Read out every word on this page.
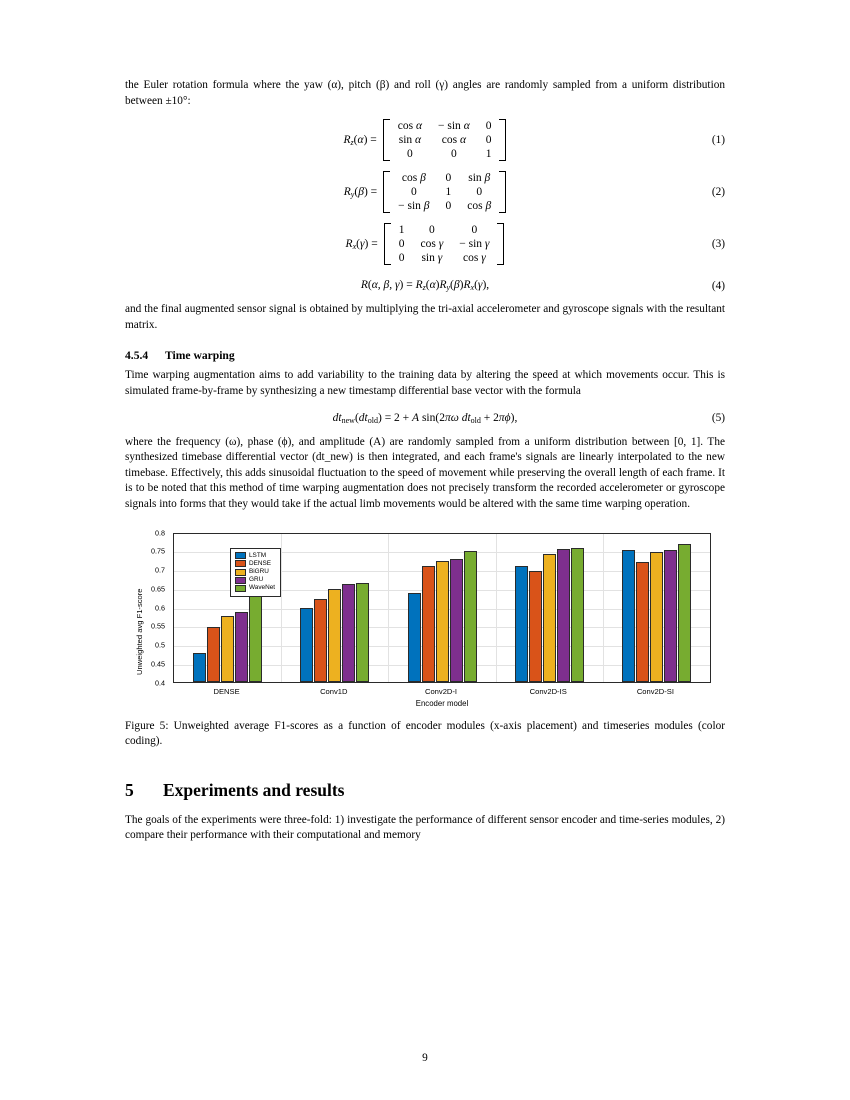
the Euler rotation formula where the yaw (α), pitch (β) and roll (γ) angles are randomly sampled from a uniform distribution between ±10°:

$R_z(\alpha)$ =
cos α	− sin α	0
sin α	cos α	0
0	0	1
(1)
$R_y(\beta)$ =
cos β	0	sin β
0	1	0
− sin β	0	cos β
(2)
$R_x(\gamma)$ =
1	0	0
0	cos γ	− sin γ
0	sin γ	cos γ
(3)
R(α, β, $\gamma) = R_z(\alpha)R_y(\beta)R_x(\gamma)$,	(4)

and the final augmented sensor signal is obtained by multiplying the tri-axial accelerometer and gyroscope signals with the resultant matrix.

4.5.4 Time warping

Time warping augmentation aims to add variability to the training data by altering the speed at which movements occur. This is simulated frame-by-frame by synthesizing a new timestamp differential base vector with the formula

$dt_{new}(dt_{old}) = 2 + A$ sin(2πω $dt_{old} + 2\pi\phi$),	(5)

where the frequency (ω), phase (ϕ), and amplitude (A) are randomly sampled from a uniform distribution between [0, 1]. The synthesized timebase differential vector (dt_new) is then integrated, and each frame's signals are linearly interpolated to the new timebase. Effectively, this adds sinusoidal fluctuation to the speed of movement while preserving the overall length of each frame. It is to be noted that this method of time warping augmentation does not precisely transform the recorded accelerometer or gyroscope signals into forms that they would take if the actual limb movements would be altered with the same time warping operation.

Unweighted avg F1-score
LSTM
DENSE
BiGRU
GRU
WaveNet
0.8
0.75
0.7
0.65
0.6
0.55
0.5
0.45
0.4
DENSE	Conv1D	Conv2D-I	Conv2D-IS	Conv2D-SI
Encoder model
Figure 5: Unweighted average F1-scores as a function of encoder modules (x-axis placement) and timeseries modules (color coding).
5 Experiments and results

The goals of the experiments were three-fold: 1) investigate the performance of different sensor encoder and time-series modules, 2) compare their performance with their computational and memory

9
